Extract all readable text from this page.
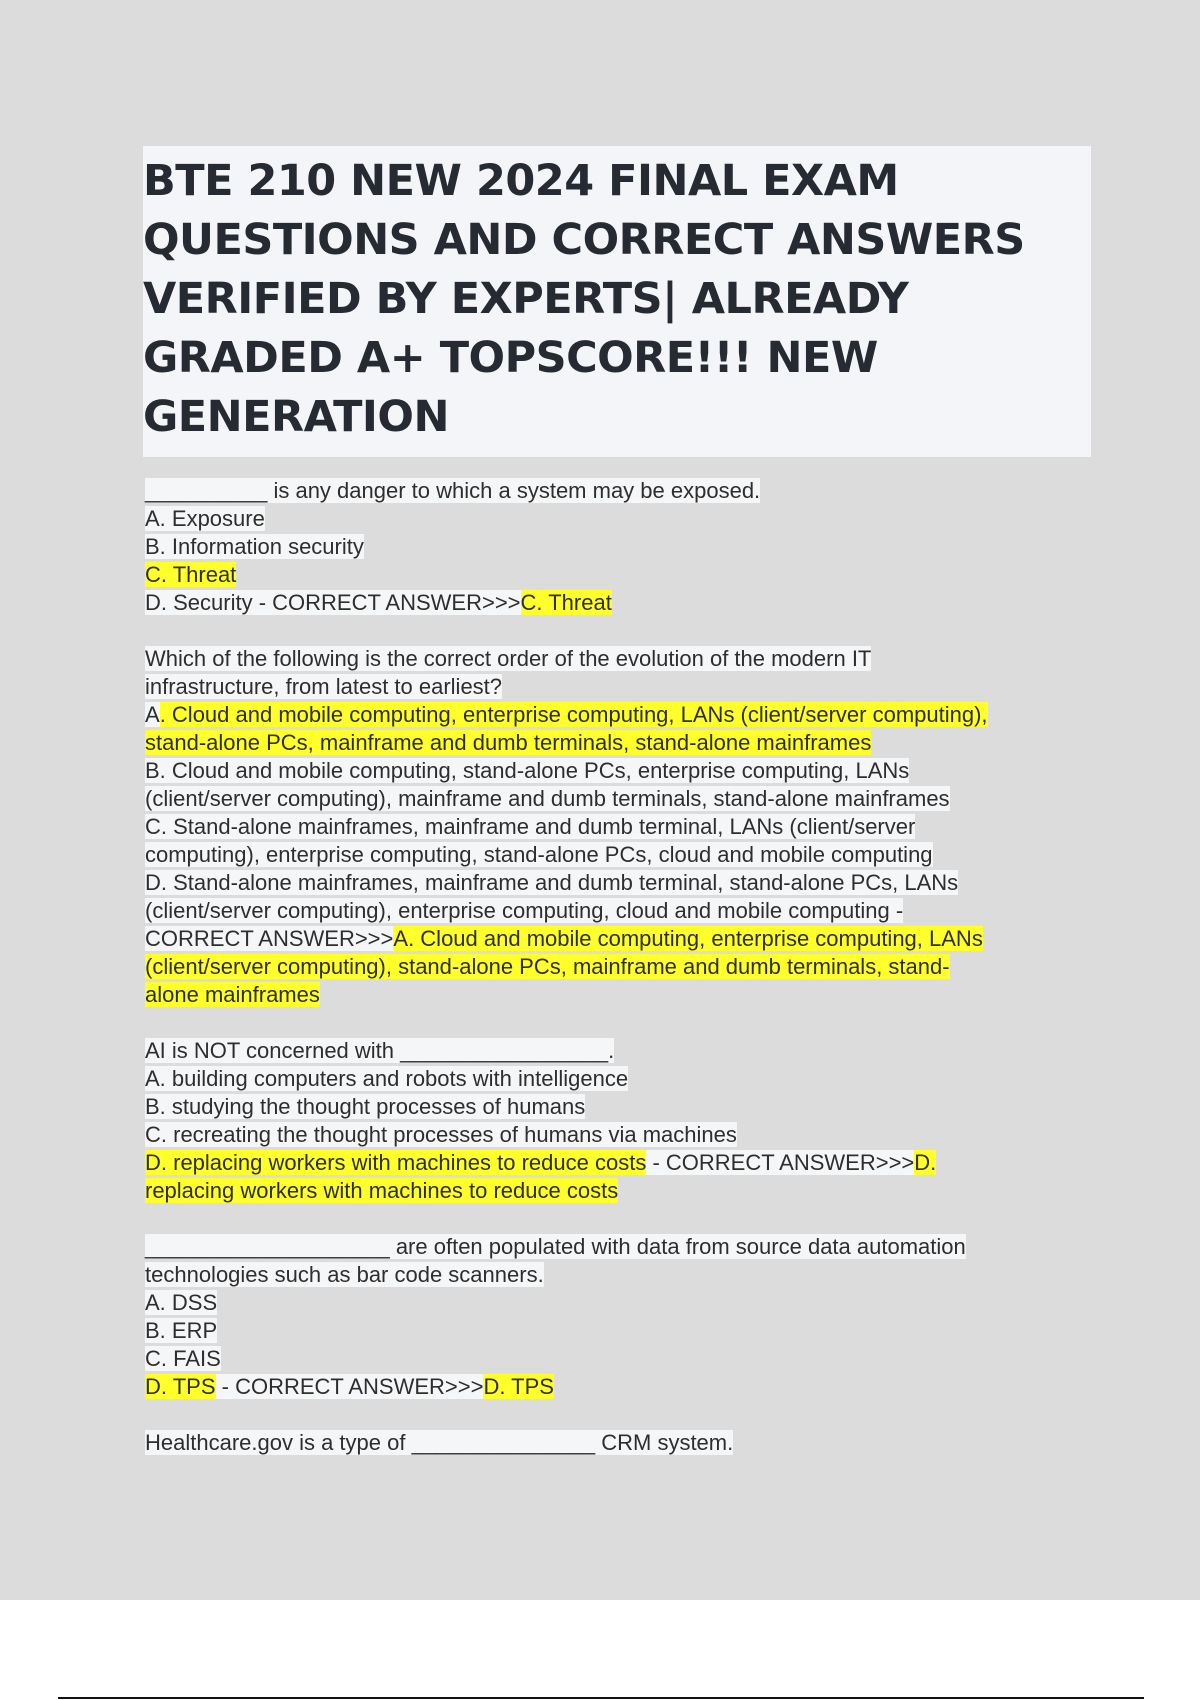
BTE 210 NEW 2024 FINAL EXAM QUESTIONS AND CORRECT ANSWERS VERIFIED BY EXPERTS| ALREADY GRADED A+ TOPSCORE!!! NEW GENERATION
__________ is any danger to which a system may be exposed.
A. Exposure
B. Information security
C. Threat
D. Security - CORRECT ANSWER>>>C. Threat
Which of the following is the correct order of the evolution of the modern IT
infrastructure, from latest to earliest?
A. Cloud and mobile computing, enterprise computing, LANs (client/server computing),
stand-alone PCs, mainframe and dumb terminals, stand-alone mainframes
B. Cloud and mobile computing, stand-alone PCs, enterprise computing, LANs
(client/server computing), mainframe and dumb terminals, stand-alone mainframes
C. Stand-alone mainframes, mainframe and dumb terminal, LANs (client/server
computing), enterprise computing, stand-alone PCs, cloud and mobile computing
D. Stand-alone mainframes, mainframe and dumb terminal, stand-alone PCs, LANs
(client/server computing), enterprise computing, cloud and mobile computing -
CORRECT ANSWER>>>A. Cloud and mobile computing, enterprise computing, LANs
(client/server computing), stand-alone PCs, mainframe and dumb terminals, stand-
alone mainframes
AI is NOT concerned with _________________.
A. building computers and robots with intelligence
B. studying the thought processes of humans
C. recreating the thought processes of humans via machines
D. replacing workers with machines to reduce costs - CORRECT ANSWER>>>D.
replacing workers with machines to reduce costs
____________________ are often populated with data from source data automation
technologies such as bar code scanners.
A. DSS
B. ERP
C. FAIS
D. TPS - CORRECT ANSWER>>>D. TPS
Healthcare.gov is a type of _______________ CRM system.
